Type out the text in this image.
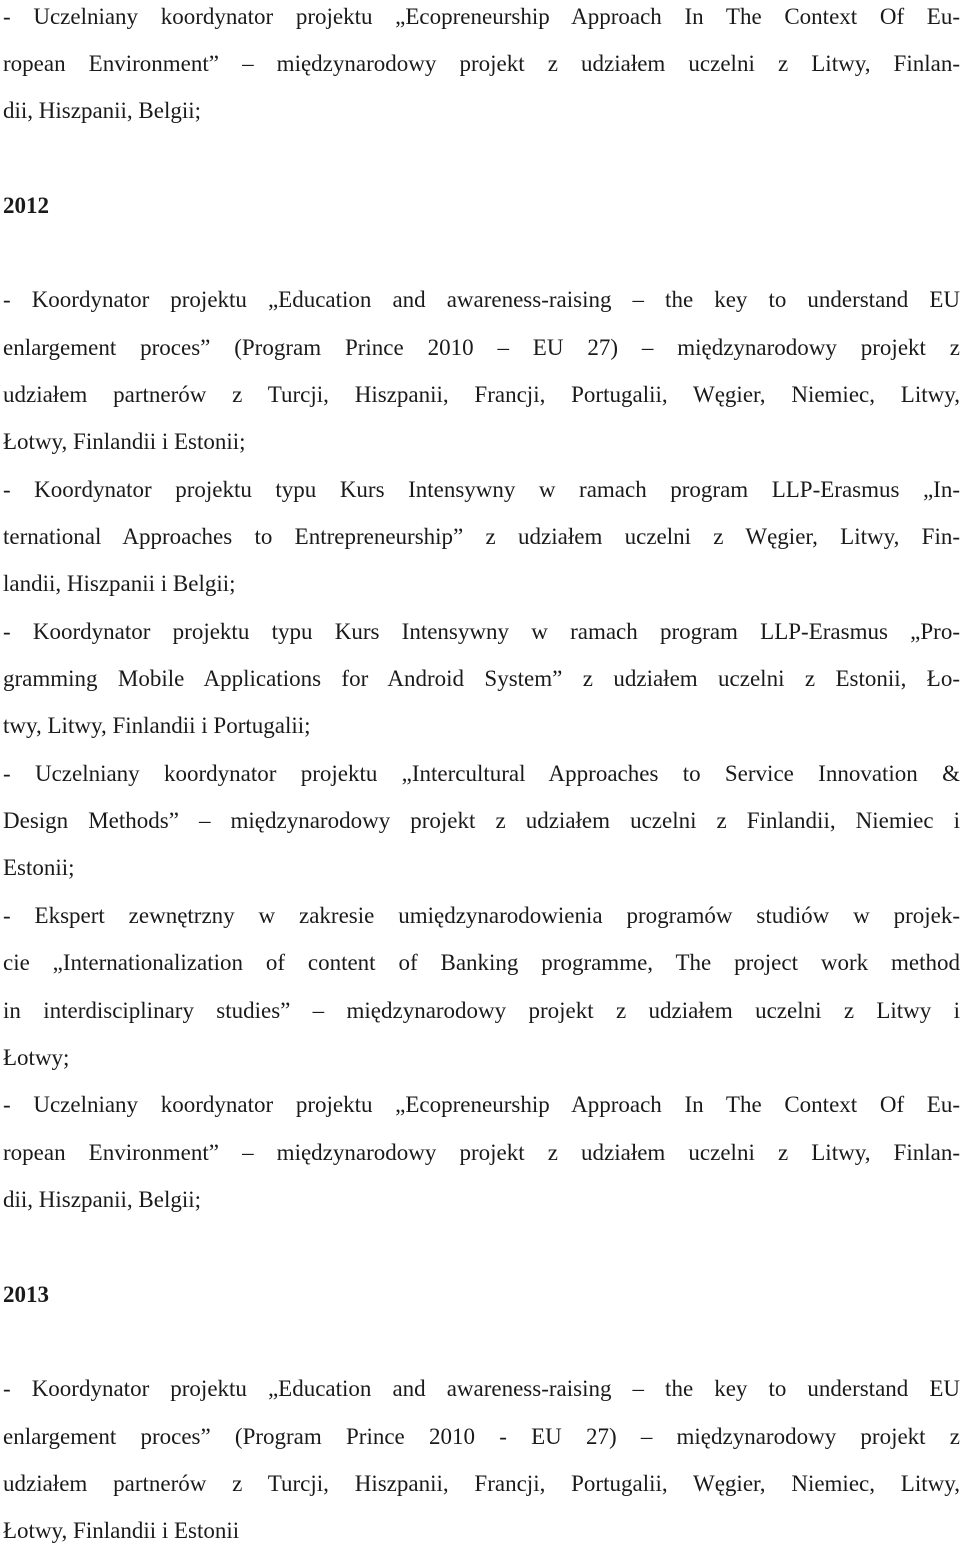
- Uczelniany koordynator projektu „Ecopreneurship Approach In The Context Of Eu-
ropean Environment” – międzynarodowy projekt z udziałem uczelni z Litwy, Finlan-
dii, Hiszpanii, Belgii;
2012
- Koordynator projektu „Education and awareness-raising – the key to understand EU
enlargement proces” (Program Prince 2010 – EU 27) – międzynarodowy projekt z
udziałem partnerów z Turcji, Hiszpanii, Francji, Portugalii, Węgier, Niemiec, Litwy,
Łotwy, Finlandii i Estonii;
- Koordynator projektu typu Kurs Intensywny w ramach program LLP-Erasmus „In-
ternational Approaches to Entrepreneurship” z udziałem uczelni z Węgier, Litwy, Fin-
landii, Hiszpanii i Belgii;
- Koordynator projektu typu Kurs Intensywny w ramach program LLP-Erasmus „Pro-
gramming Mobile Applications for Android System” z udziałem uczelni z Estonii, Ło-
twy, Litwy, Finlandii i Portugalii;
- Uczelniany koordynator projektu „Intercultural Approaches to Service Innovation &
Design Methods” – międzynarodowy projekt z udziałem uczelni z Finlandii, Niemiec i
Estonii;
- Ekspert zewnętrzny w zakresie umiędzynarodowienia programów studiów w projek-
cie „Internationalization of content of Banking programme, The project work method
in interdisciplinary studies” – międzynarodowy projekt z udziałem uczelni z Litwy i
Łotwy;
- Uczelniany koordynator projektu „Ecopreneurship Approach In The Context Of Eu-
ropean Environment” – międzynarodowy projekt z udziałem uczelni z Litwy, Finlan-
dii, Hiszpanii, Belgii;
2013
- Koordynator projektu „Education and awareness-raising – the key to understand EU
enlargement proces” (Program Prince 2010 - EU 27) – międzynarodowy projekt z
udziałem partnerów z Turcji, Hiszpanii, Francji, Portugalii, Węgier, Niemiec, Litwy,
Łotwy, Finlandii i Estonii
